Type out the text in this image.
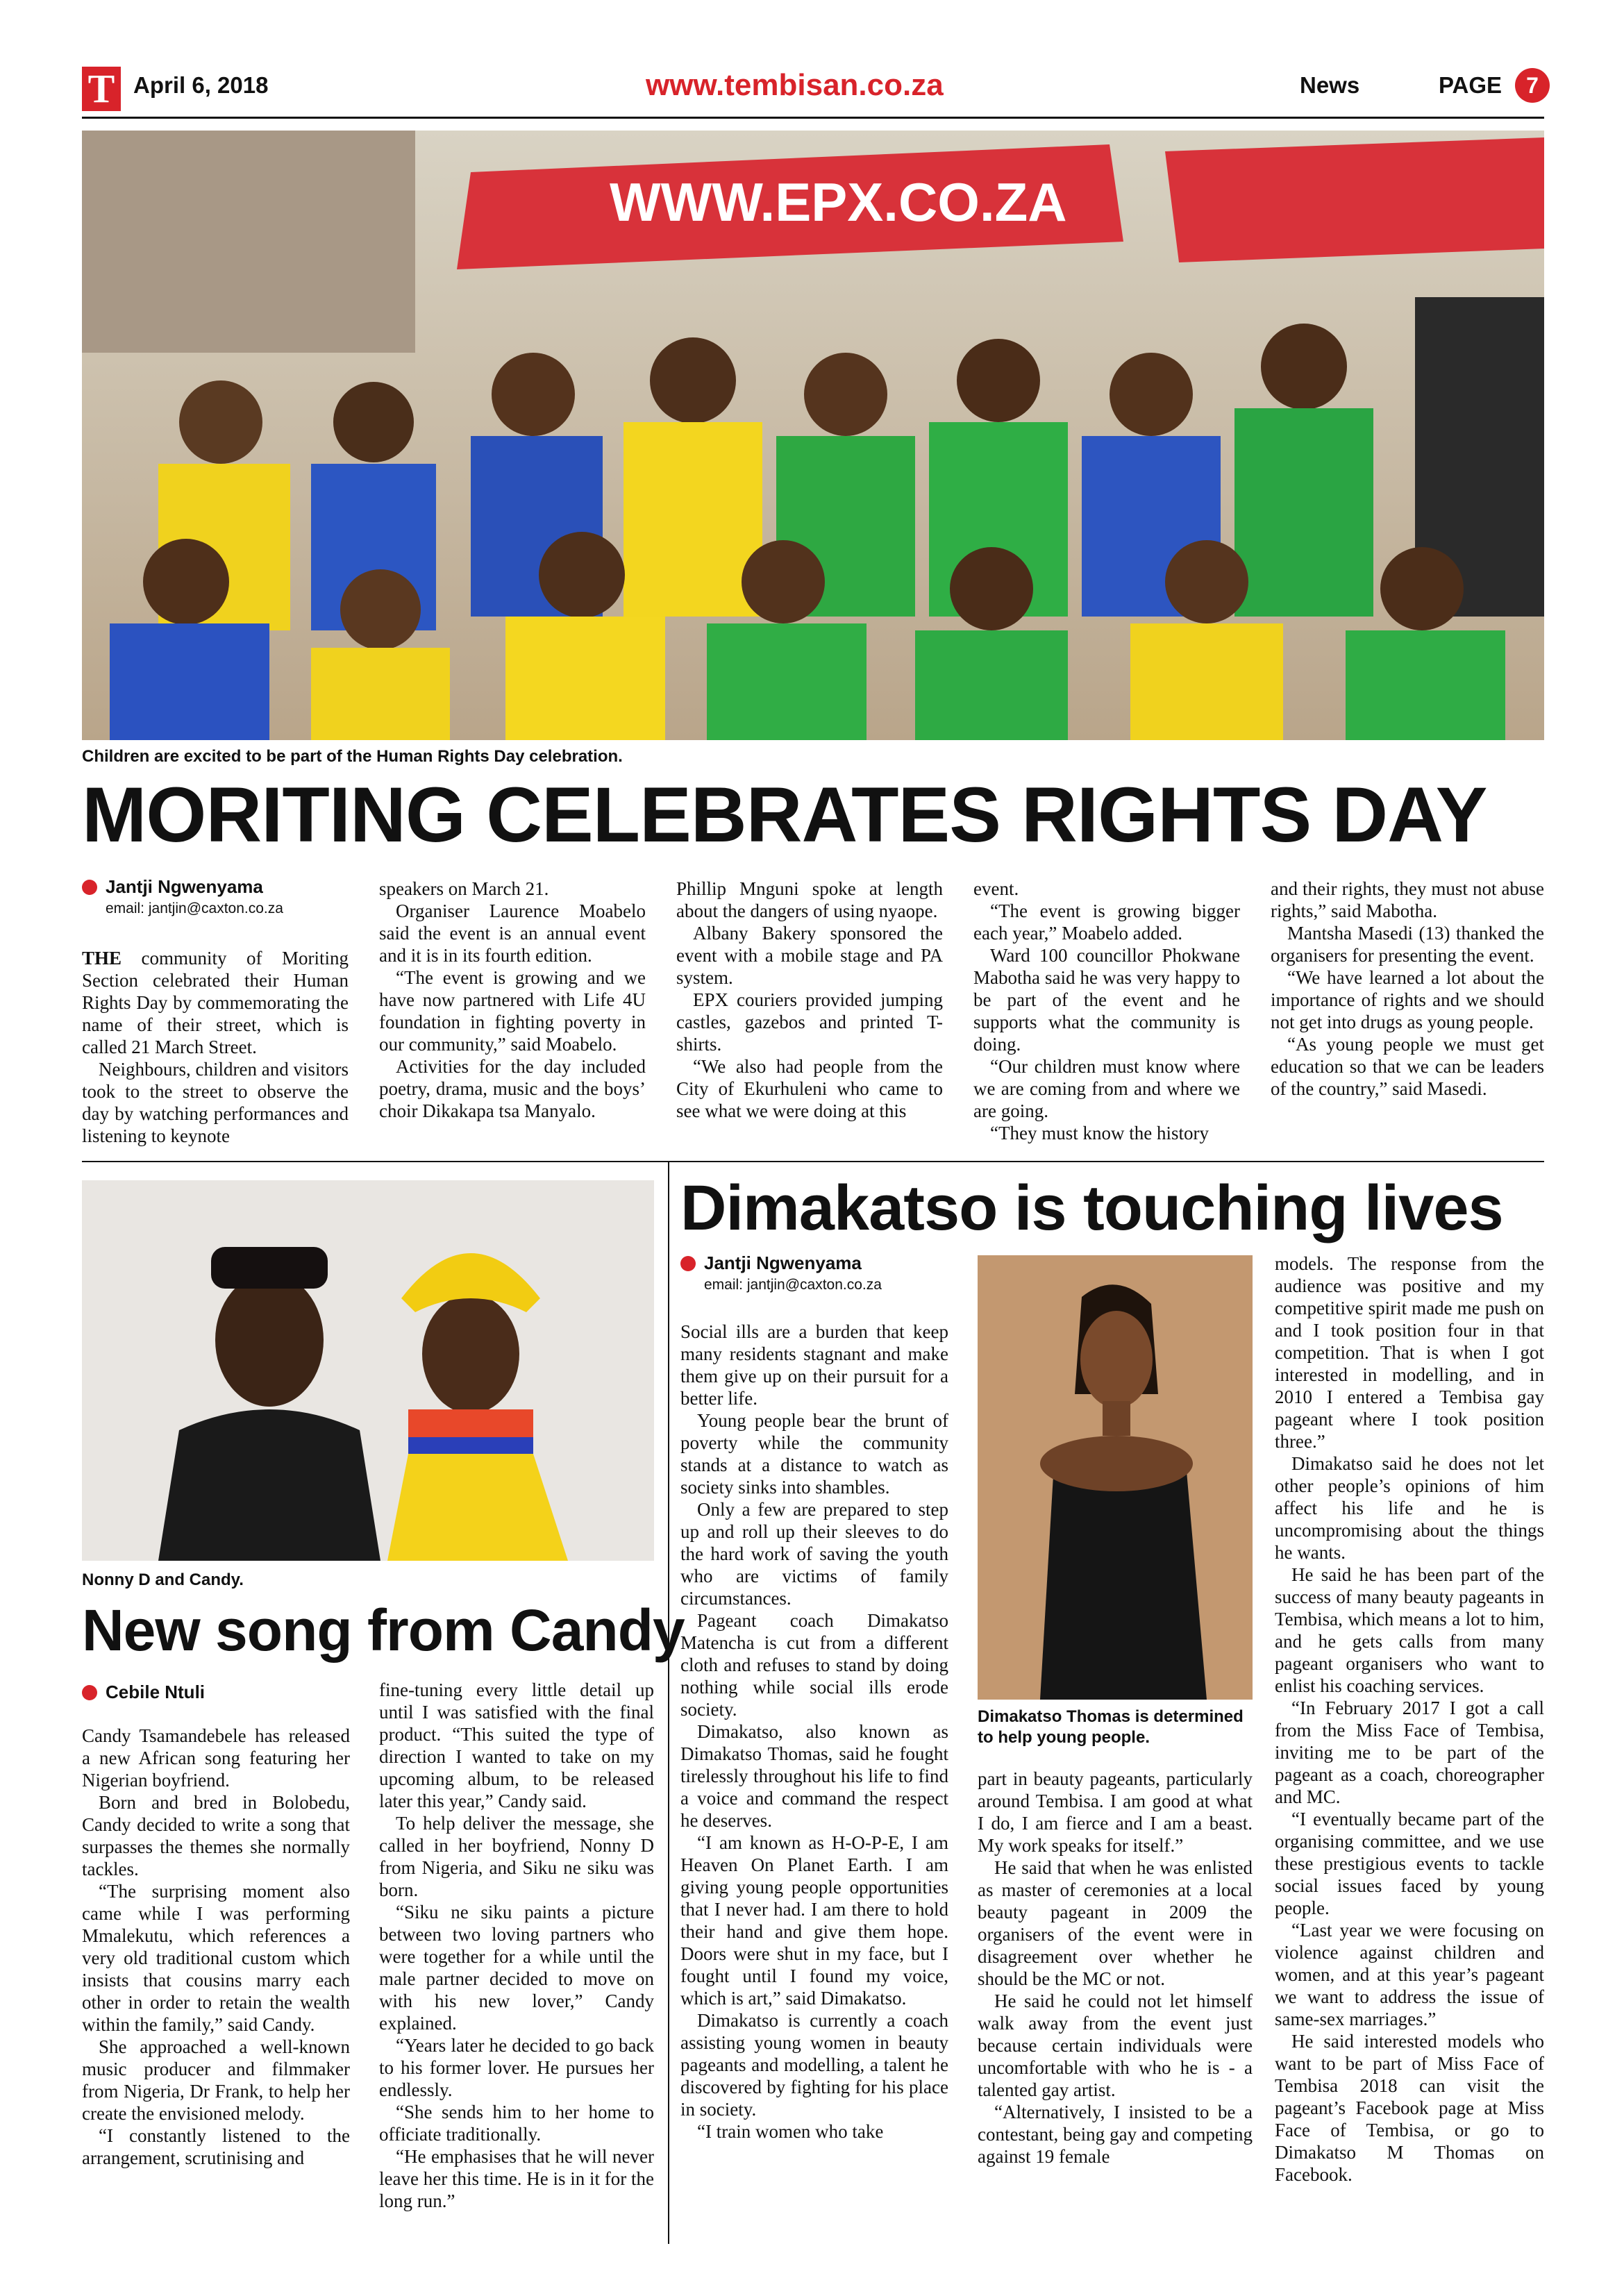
T April 6, 2018	www.tembisan.co.za	News	PAGE	7
WWW.EPX.CO.ZA
Children are excited to be part of the Human Rights Day celebration.
MORITING CELEBRATES RIGHTS DAY
Jantji Ngwenyama
email: jantjin@caxton.co.za

THE community of Moriting Section celebrated their Human Rights Day by commemorating the name of their street, which is called 21 March Street.

Neighbours, children and visitors took to the street to observe the day by watching performances and listening to keynote

speakers on March 21.

Organiser Laurence Moabelo said the event is an annual event and it is in its fourth edition.

“The event is growing and we have now partnered with Life 4U foundation in fighting poverty in our community,” said Moabelo.

Activities for the day included poetry, drama, music and the boys’ choir Dikakapa tsa Manyalo.

Phillip Mnguni spoke at length about the dangers of using nyaope.

Albany Bakery sponsored the event with a mobile stage and PA system.

EPX couriers provided jumping castles, gazebos and printed T-shirts.

“We also had people from the City of Ekurhuleni who came to see what we were doing at this

event.

“The event is growing bigger each year,” Moabelo added.

Ward 100 councillor Phokwane Mabotha said he was very happy to be part of the event and he supports what the community is doing.

“Our children must know where we are coming from and where we are going.

“They must know the history

and their rights, they must not abuse rights,” said Mabotha.

Mantsha Masedi (13) thanked the organisers for presenting the event.

“We have learned a lot about the importance of rights and we should not get into drugs as young people.

“As young people we must get education so that we can be leaders of the country,” said Masedi.

Nonny D and Candy.
New song from Candy
Cebile Ntuli

Candy Tsamandebele has released a new African song featuring her Nigerian boyfriend.

Born and bred in Bolobedu, Candy decided to write a song that surpasses the themes she normally tackles.

“The surprising moment also came while I was performing Mmalekutu, which references a very old traditional custom which insists that cousins marry each other in order to retain the wealth within the family,” said Candy.

She approached a well-known music producer and filmmaker from Nigeria, Dr Frank, to help her create the envisioned melody.

“I constantly listened to the arrangement, scrutinising and

fine-tuning every little detail up until I was satisfied with the final product. “This suited the type of direction I wanted to take on my upcoming album, to be released later this year,” Candy said.

To help deliver the message, she called in her boyfriend, Nonny D from Nigeria, and Siku ne siku was born.

“Siku ne siku paints a picture between two loving partners who were together for a while until the male partner decided to move on with his new lover,” Candy explained.

“Years later he decided to go back to his former lover. He pursues her endlessly.

“She sends him to her home to officiate traditionally.

“He emphasises that he will never leave her this time. He is in it for the long run.”

Dimakatso is touching lives
Jantji Ngwenyama
email: jantjin@caxton.co.za

Social ills are a burden that keep many residents stagnant and make them give up on their pursuit for a better life.

Young people bear the brunt of poverty while the community stands at a distance to watch as society sinks into shambles.

Only a few are prepared to step up and roll up their sleeves to do the hard work of saving the youth who are victims of family circumstances.

Pageant coach Dimakatso Matencha is cut from a different cloth and refuses to stand by doing nothing while social ills erode society.

Dimakatso, also known as Dimakatso Thomas, said he fought tirelessly throughout his life to find a voice and command the respect he deserves.

“I am known as H-O-P-E, I am Heaven On Planet Earth. I am giving young people opportunities that I never had. I am there to hold their hand and give them hope. Doors were shut in my face, but I fought until I found my voice, which is art,” said Dimakatso.

Dimakatso is currently a coach assisting young women in beauty pageants and modelling, a talent he discovered by fighting for his place in society.

“I train women who take

Dimakatso Thomas is determined to help young people.

part in beauty pageants, particularly around Tembisa. I am good at what I do, I am fierce and I am a beast. My work speaks for itself.”

He said that when he was enlisted as master of ceremonies at a local beauty pageant in 2009 the organisers of the event were in disagreement over whether he should be the MC or not.

He said he could not let himself walk away from the event just because certain individuals were uncomfortable with who he is - a talented gay artist.

“Alternatively, I insisted to be a contestant, being gay and competing against 19 female

models. The response from the audience was positive and my competitive spirit made me push on and I took position four in that competition. That is when I got interested in modelling, and in 2010 I entered a Tembisa gay pageant where I took position three.”

Dimakatso said he does not let other people’s opinions of him affect his life and he is uncompromising about the things he wants.

He said he has been part of the success of many beauty pageants in Tembisa, which means a lot to him, and he gets calls from many pageant organisers who want to enlist his coaching services.

“In February 2017 I got a call from the Miss Face of Tembisa, inviting me to be part of the pageant as a coach, choreographer and MC.

“I eventually became part of the organising committee, and we use these prestigious events to tackle social issues faced by young people.

“Last year we were focusing on violence against children and women, and at this year’s pageant we want to address the issue of same-sex marriages.”

He said interested models who want to be part of Miss Face of Tembisa 2018 can visit the pageant’s Facebook page at Miss Face of Tembisa, or go to Dimakatso M Thomas on Facebook.
